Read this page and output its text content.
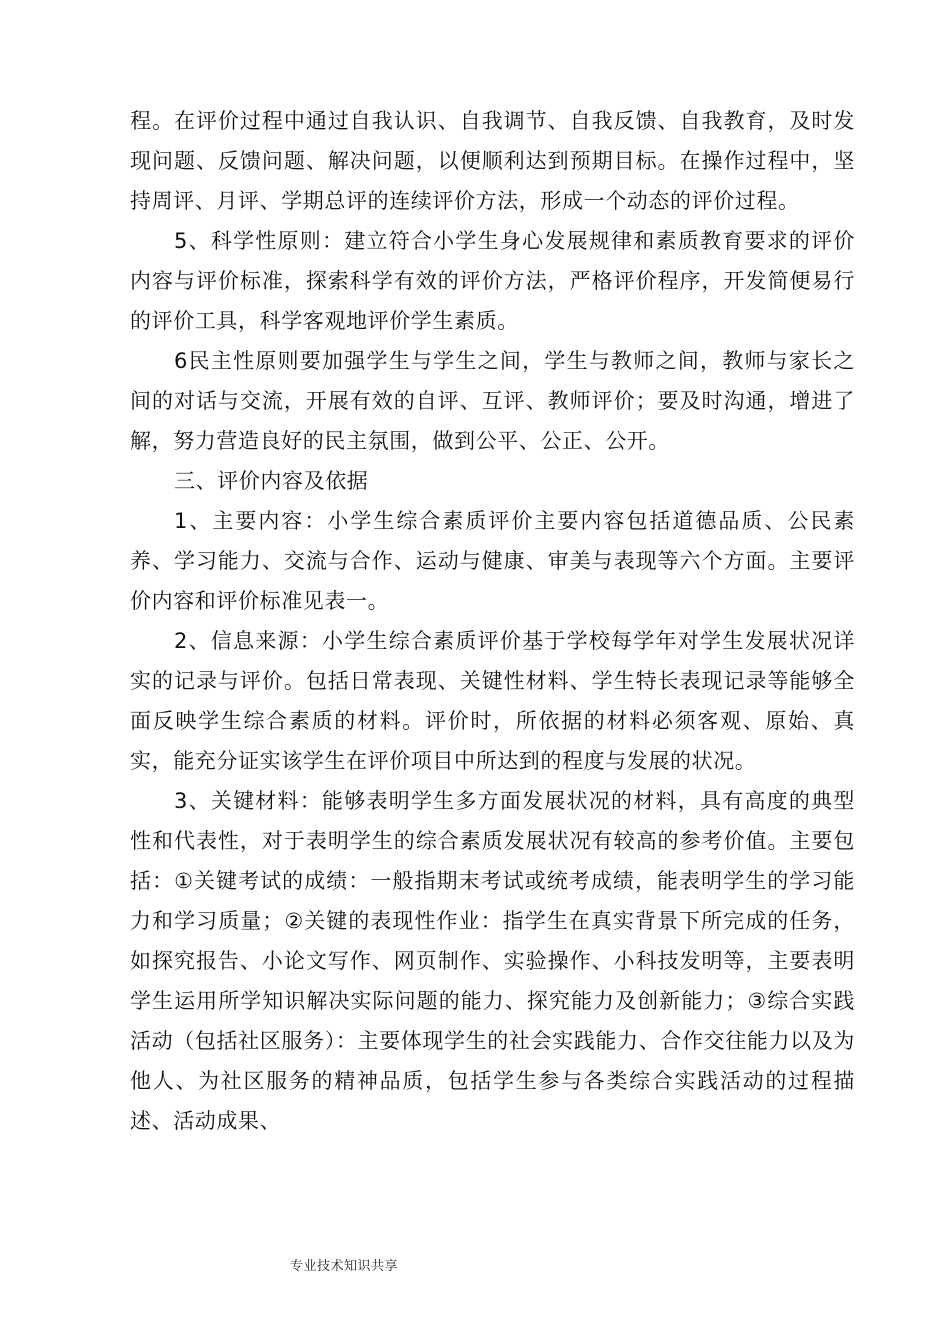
程。在评价过程中通过自我认识、自我调节、自我反馈、自我教育，及时发现问题、反馈问题、解决问题，以便顺利达到预期目标。在操作过程中，坚持周评、月评、学期总评的连续评价方法，形成一个动态的评价过程。

5、科学性原则：建立符合小学生身心发展规律和素质教育要求的评价内容与评价标准，探索科学有效的评价方法，严格评价程序，开发简便易行的评价工具，科学客观地评价学生素质。

6民主性原则要加强学生与学生之间，学生与教师之间，教师与家长之间的对话与交流，开展有效的自评、互评、教师评价；要及时沟通，增进了解，努力营造良好的民主氛围，做到公平、公正、公开。

三、评价内容及依据

1、主要内容：小学生综合素质评价主要内容包括道德品质、公民素养、学习能力、交流与合作、运动与健康、审美与表现等六个方面。主要评价内容和评价标准见表一。

2、信息来源：小学生综合素质评价基于学校每学年对学生发展状况详实的记录与评价。包括日常表现、关键性材料、学生特长表现记录等能够全面反映学生综合素质的材料。评价时，所依据的材料必须客观、原始、真实，能充分证实该学生在评价项目中所达到的程度与发展的状况。

3、关键材料：能够表明学生多方面发展状况的材料，具有高度的典型性和代表性，对于表明学生的综合素质发展状况有较高的参考价值。主要包括：①关键考试的成绩：一般指期末考试或统考成绩，能表明学生的学习能力和学习质量；②关键的表现性作业：指学生在真实背景下所完成的任务，如探究报告、小论文写作、网页制作、实验操作、小科技发明等，主要表明学生运用所学知识解决实际问题的能力、探究能力及创新能力；③综合实践活动（包括社区服务）：主要体现学生的社会实践能力、合作交往能力以及为他人、为社区服务的精神品质，包括学生参与各类综合实践活动的过程描述、活动成果、

专业技术知识共享
